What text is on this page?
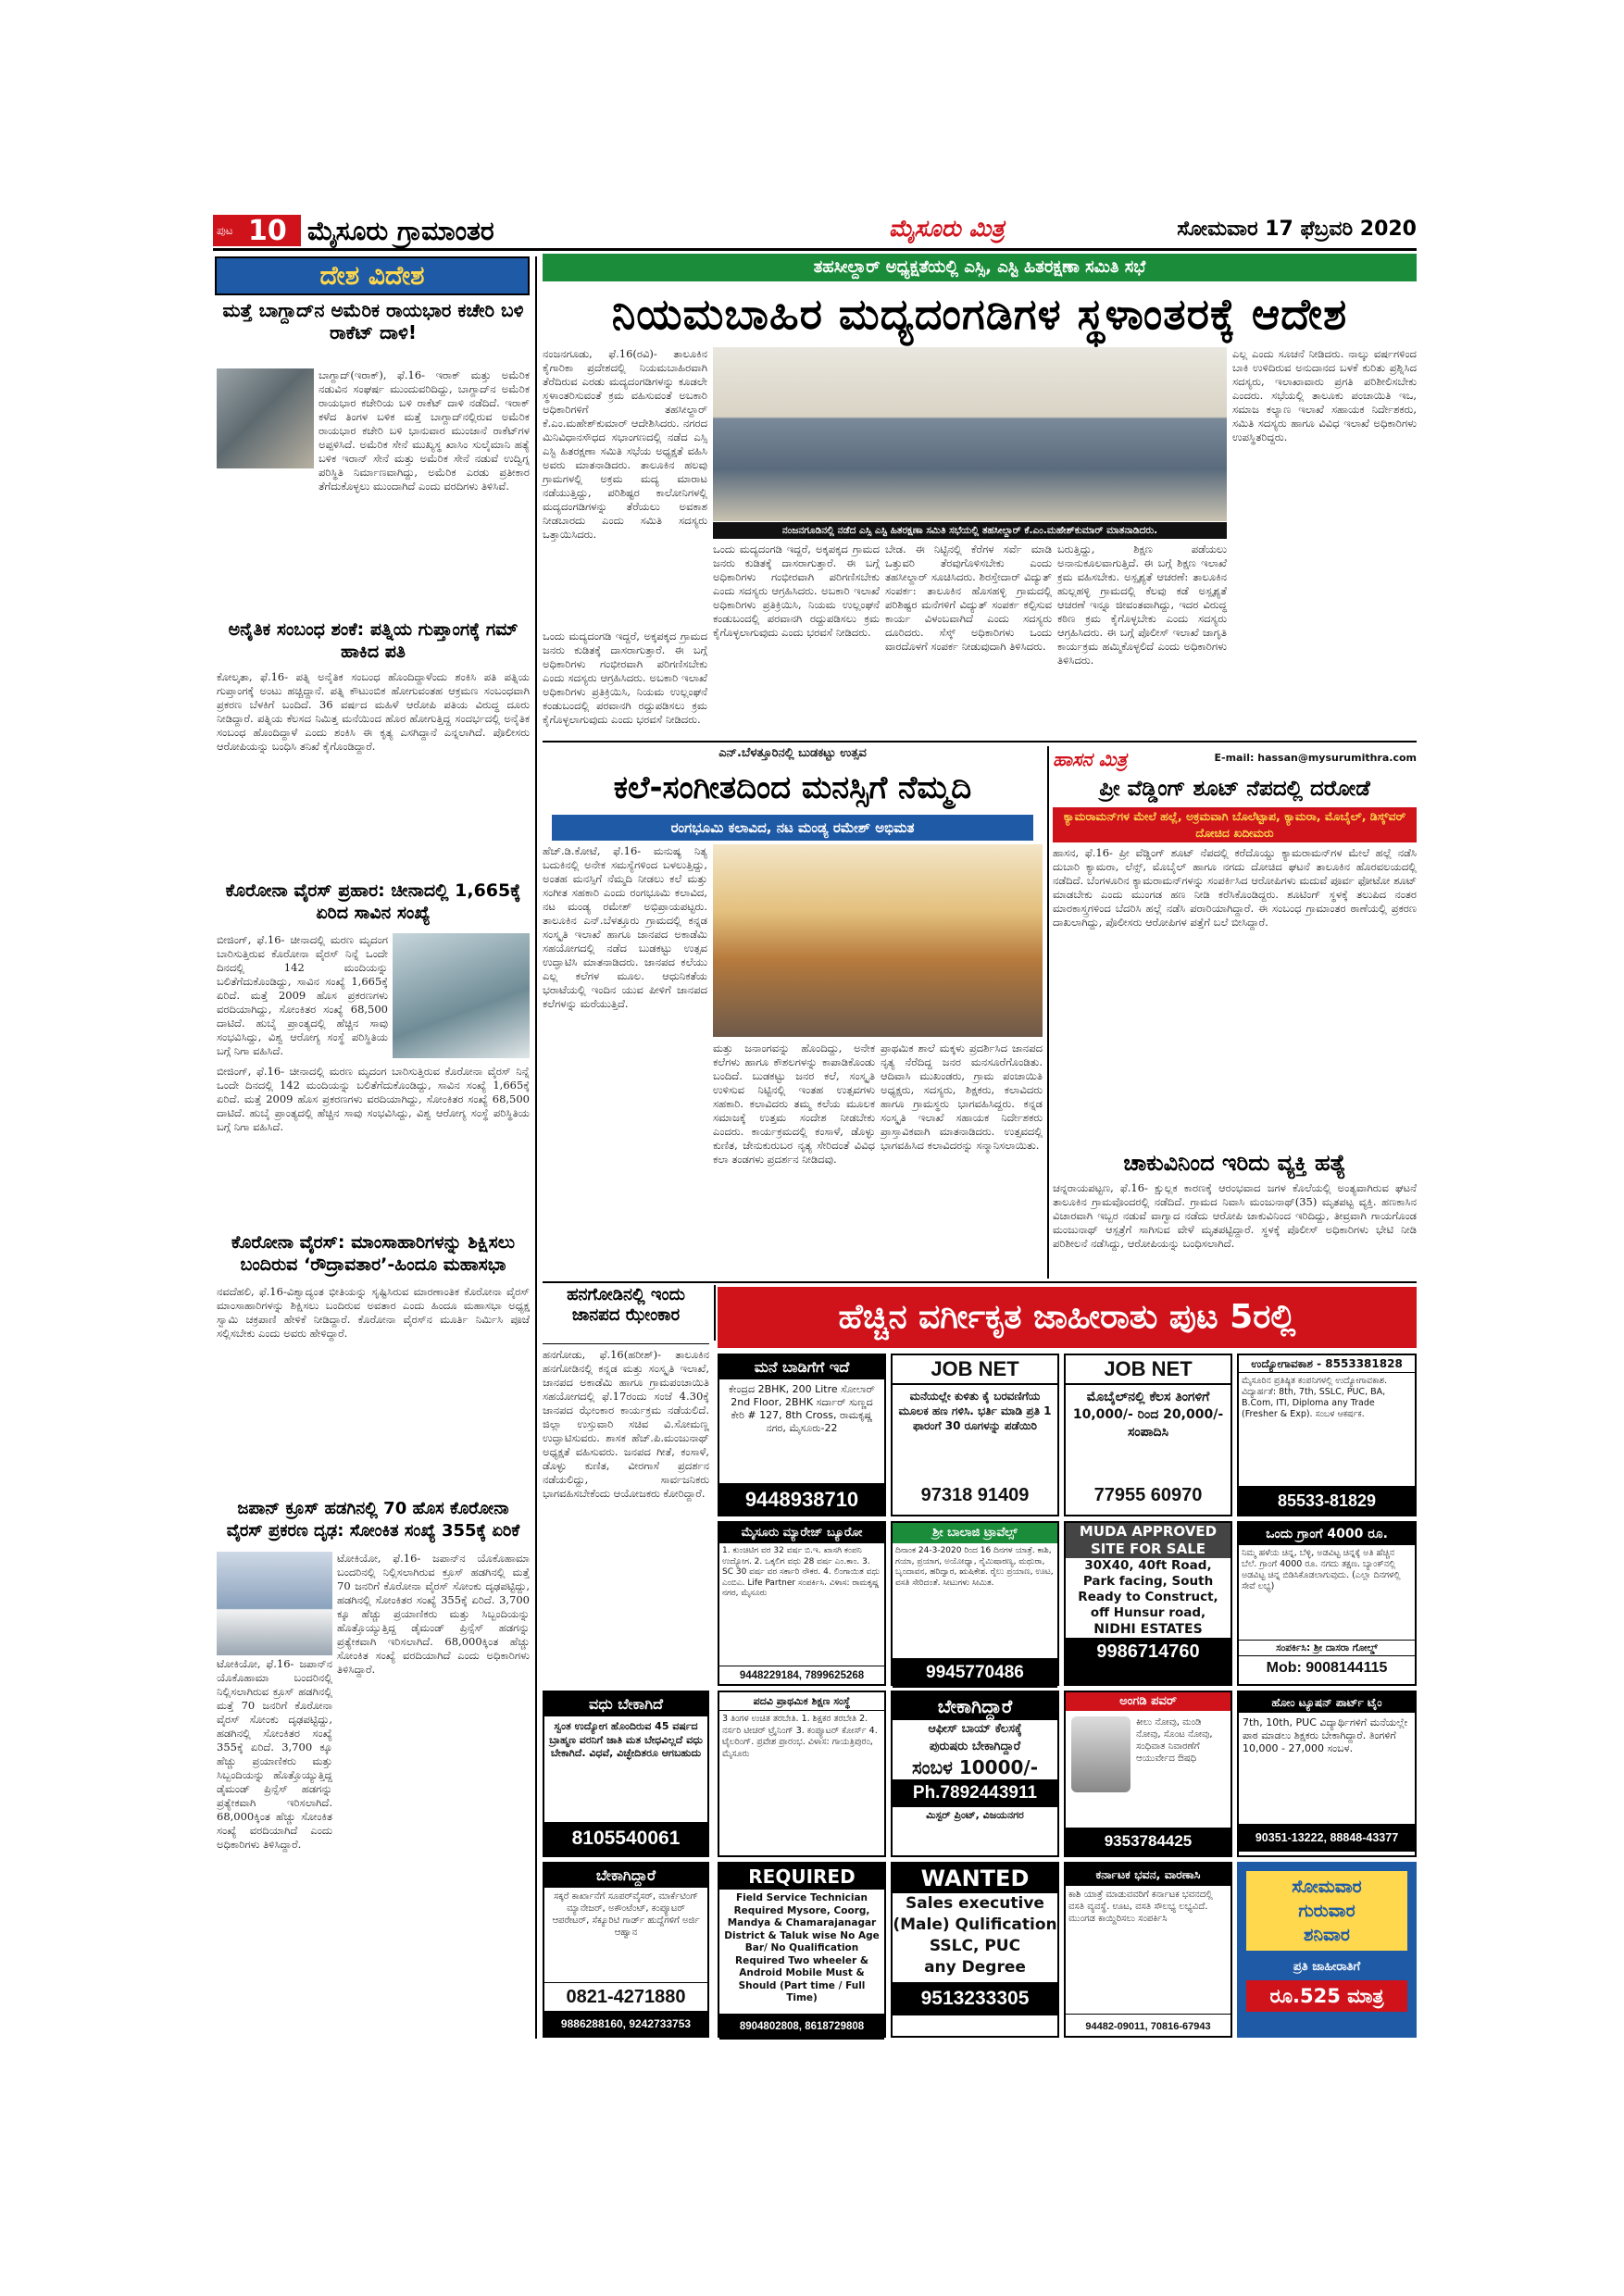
ಪುಟ 10 ಮೈಸೂರು ಗ್ರಾಮಾಂತರ	ಮೈಸೂರು ಮಿತ್ರ	ಸೋಮವಾರ 17 ಫೆಬ್ರವರಿ 2020
ದೇಶ ವಿದೇಶ
ಮತ್ತೆ ಬಾಗ್ದಾದ್‌ನ ಅಮೆರಿಕ ರಾಯಭಾರ ಕಚೇರಿ ಬಳಿ ರಾಕೆಟ್ ದಾಳಿ!
ಬಾಗ್ದಾದ್(ಇರಾಕ್), ಫೆ.16- ಇರಾಕ್ ಮತ್ತು ಅಮೆರಿಕ ನಡುವಿನ ಸಂಘರ್ಷ ಮುಂದುವರಿದಿದ್ದು, ಬಾಗ್ದಾದ್‌ನ ಅಮೆರಿಕ ರಾಯಭಾರ ಕಚೇರಿಯ ಬಳಿ ರಾಕೆಟ್ ದಾಳಿ ನಡೆದಿದೆ. ಇರಾಕ್ ಕಳೆದ ತಿಂಗಳ ಬಳಿಕ ಮತ್ತೆ ಬಾಗ್ದಾದ್‌ನಲ್ಲಿರುವ ಅಮೆರಿಕ ರಾಯಭಾರ ಕಚೇರಿ ಬಳಿ ಭಾನುವಾರ ಮುಂಜಾನೆ ರಾಕೆಟ್‌ಗಳ ಅಪ್ಪಳಿಸಿದೆ. ಅಮೆರಿಕ ಸೇನೆ ಮುಖ್ಯಸ್ಥ ಖಾಸಿಂ ಸುಲೈಮಾನಿ ಹತ್ಯೆ ಬಳಿಕ ಇರಾನ್ ಸೇನೆ ಮತ್ತು ಅಮೆರಿಕ ಸೇನೆ ನಡುವೆ ಉದ್ವಿಗ್ನ ಪರಿಸ್ಥಿತಿ ನಿರ್ಮಾಣವಾಗಿದ್ದು, ಅಮೆರಿಕ ಎರಡು ಪ್ರತೀಕಾರ ತೆಗೆದುಕೊಳ್ಳಲು ಮುಂದಾಗಿದೆ ಎಂದು ವರದಿಗಳು ತಿಳಿಸಿವೆ.
ಅನೈತಿಕ ಸಂಬಂಧ ಶಂಕೆ: ಪತ್ನಿಯ ಗುಪ್ತಾಂಗಕ್ಕೆ ಗಮ್ ಹಾಕಿದ ಪತಿ
ಕೋಲ್ಕತಾ, ಫೆ.16- ಪತ್ನಿ ಅನೈತಿಕ ಸಂಬಂಧ ಹೊಂದಿದ್ದಾಳೆಂದು ಶಂಕಿಸಿ ಪತಿ ಪತ್ನಿಯ ಗುಪ್ತಾಂಗಕ್ಕೆ ಅಂಟು ಹಚ್ಚಿದ್ದಾನೆ. ಪತ್ನಿ ಕೌಟುಂಬಿಕ ಹೋಗುವಂತಹ ಆಕ್ರಮಣ ಸಂಬಂಧವಾಗಿ ಪ್ರಕರಣ ಬೆಳಕಿಗೆ ಬಂದಿದೆ. 36 ವರ್ಷದ ಮಹಿಳೆ ಆರೋಪಿ ಪತಿಯ ವಿರುದ್ಧ ದೂರು ನೀಡಿದ್ದಾರೆ. ಪತ್ನಿಯ ಕೆಲಸದ ನಿಮಿತ್ತ ಮನೆಯಿಂದ ಹೊರ ಹೋಗುತ್ತಿದ್ದ ಸಂದರ್ಭದಲ್ಲಿ ಅನೈತಿಕ ಸಂಬಂಧ ಹೊಂದಿದ್ದಾಳೆ ಎಂದು ಶಂಕಿಸಿ ಈ ಕೃತ್ಯ ಎಸಗಿದ್ದಾನೆ ಎನ್ನಲಾಗಿದೆ. ಪೊಲೀಸರು ಆರೋಪಿಯನ್ನು ಬಂಧಿಸಿ ತನಿಖೆ ಕೈಗೊಂಡಿದ್ದಾರೆ.
ಕೊರೋನಾ ವೈರಸ್ ಪ್ರಹಾರ: ಚೀನಾದಲ್ಲಿ 1,665ಕ್ಕೆ ಏರಿದ ಸಾವಿನ ಸಂಖ್ಯೆ
ಬೀಜಿಂಗ್, ಫೆ.16- ಚೀನಾದಲ್ಲಿ ಮರಣ ಮೃದಂಗ ಬಾರಿಸುತ್ತಿರುವ ಕೊರೋನಾ ವೈರಸ್ ನಿನ್ನೆ ಒಂದೇ ದಿನದಲ್ಲಿ 142 ಮಂದಿಯನ್ನು ಬಲಿತೆಗೆದುಕೊಂಡಿದ್ದು, ಸಾವಿನ ಸಂಖ್ಯೆ 1,665ಕ್ಕೆ ಏರಿದೆ. ಮತ್ತೆ 2009 ಹೊಸ ಪ್ರಕರಣಗಳು ವರದಿಯಾಗಿದ್ದು, ಸೋಂಕಿತರ ಸಂಖ್ಯೆ 68,500 ದಾಟಿದೆ. ಹುಬೈ ಪ್ರಾಂತ್ಯದಲ್ಲಿ ಹೆಚ್ಚಿನ ಸಾವು ಸಂಭವಿಸಿದ್ದು, ವಿಶ್ವ ಆರೋಗ್ಯ ಸಂಸ್ಥೆ ಪರಿಸ್ಥಿತಿಯ ಬಗ್ಗೆ ನಿಗಾ ವಹಿಸಿದೆ.
ಬೀಜಿಂಗ್, ಫೆ.16- ಚೀನಾದಲ್ಲಿ ಮರಣ ಮೃದಂಗ ಬಾರಿಸುತ್ತಿರುವ ಕೊರೋನಾ ವೈರಸ್ ನಿನ್ನೆ ಒಂದೇ ದಿನದಲ್ಲಿ 142 ಮಂದಿಯನ್ನು ಬಲಿತೆಗೆದುಕೊಂಡಿದ್ದು, ಸಾವಿನ ಸಂಖ್ಯೆ 1,665ಕ್ಕೆ ಏರಿದೆ. ಮತ್ತೆ 2009 ಹೊಸ ಪ್ರಕರಣಗಳು ವರದಿಯಾಗಿದ್ದು, ಸೋಂಕಿತರ ಸಂಖ್ಯೆ 68,500 ದಾಟಿದೆ. ಹುಬೈ ಪ್ರಾಂತ್ಯದಲ್ಲಿ ಹೆಚ್ಚಿನ ಸಾವು ಸಂಭವಿಸಿದ್ದು, ವಿಶ್ವ ಆರೋಗ್ಯ ಸಂಸ್ಥೆ ಪರಿಸ್ಥಿತಿಯ ಬಗ್ಗೆ ನಿಗಾ ವಹಿಸಿದೆ.
ಕೊರೋನಾ ವೈರಸ್: ಮಾಂಸಾಹಾರಿಗಳನ್ನು ಶಿಕ್ಷಿಸಲು ಬಂದಿರುವ ‘ರೌದ್ರಾವತಾರ’-ಹಿಂದೂ ಮಹಾಸಭಾ
ನವದೆಹಲಿ, ಫೆ.16-ವಿಶ್ವಾದ್ಯಂತ ಭೀತಿಯನ್ನು ಸೃಷ್ಟಿಸಿರುವ ಮಾರಣಾಂತಿಕ ಕೊರೋನಾ ವೈರಸ್ ಮಾಂಸಾಹಾರಿಗಳನ್ನು ಶಿಕ್ಷಿಸಲು ಬಂದಿರುವ ಅವತಾರ ಎಂದು ಹಿಂದೂ ಮಹಾಸಭಾ ಅಧ್ಯಕ್ಷ ಸ್ವಾಮಿ ಚಕ್ರಪಾಣಿ ಹೇಳಿಕೆ ನೀಡಿದ್ದಾರೆ. ಕೊರೋನಾ ವೈರಸ್‌ನ ಮೂರ್ತಿ ನಿರ್ಮಿಸಿ ಪೂಜೆ ಸಲ್ಲಿಸಬೇಕು ಎಂದು ಅವರು ಹೇಳಿದ್ದಾರೆ.
ಜಪಾನ್ ಕ್ರೂಸ್ ಹಡಗಿನಲ್ಲಿ 70 ಹೊಸ ಕೊರೋನಾ ವೈರಸ್ ಪ್ರಕರಣ ದೃಢ: ಸೋಂಕಿತ ಸಂಖ್ಯೆ 355ಕ್ಕೆ ಏರಿಕೆ
ಟೋಕಿಯೋ, ಫೆ.16- ಜಪಾನ್‌ನ ಯೊಕೊಹಾಮಾ ಬಂದರಿನಲ್ಲಿ ನಿಲ್ಲಿಸಲಾಗಿರುವ ಕ್ರೂಸ್ ಹಡಗಿನಲ್ಲಿ ಮತ್ತೆ 70 ಜನರಿಗೆ ಕೊರೋನಾ ವೈರಸ್ ಸೋಂಕು ದೃಢಪಟ್ಟಿದ್ದು, ಹಡಗಿನಲ್ಲಿ ಸೋಂಕಿತರ ಸಂಖ್ಯೆ 355ಕ್ಕೆ ಏರಿದೆ. 3,700 ಕ್ಕೂ ಹೆಚ್ಚು ಪ್ರಯಾಣಿಕರು ಮತ್ತು ಸಿಬ್ಬಂದಿಯನ್ನು ಹೊತ್ತೊಯ್ಯುತ್ತಿದ್ದ ಡೈಮಂಡ್ ಪ್ರಿನ್ಸೆಸ್ ಹಡಗನ್ನು ಪ್ರತ್ಯೇಕವಾಗಿ ಇರಿಸಲಾಗಿದೆ. 68,000ಕ್ಕಿಂತ ಹೆಚ್ಚು ಸೋಂಕಿತ ಸಂಖ್ಯೆ ವರದಿಯಾಗಿದೆ ಎಂದು ಅಧಿಕಾರಿಗಳು ತಿಳಿಸಿದ್ದಾರೆ.
ಟೋಕಿಯೋ, ಫೆ.16- ಜಪಾನ್‌ನ ಯೊಕೊಹಾಮಾ ಬಂದರಿನಲ್ಲಿ ನಿಲ್ಲಿಸಲಾಗಿರುವ ಕ್ರೂಸ್ ಹಡಗಿನಲ್ಲಿ ಮತ್ತೆ 70 ಜನರಿಗೆ ಕೊರೋನಾ ವೈರಸ್ ಸೋಂಕು ದೃಢಪಟ್ಟಿದ್ದು, ಹಡಗಿನಲ್ಲಿ ಸೋಂಕಿತರ ಸಂಖ್ಯೆ 355ಕ್ಕೆ ಏರಿದೆ. 3,700 ಕ್ಕೂ ಹೆಚ್ಚು ಪ್ರಯಾಣಿಕರು ಮತ್ತು ಸಿಬ್ಬಂದಿಯನ್ನು ಹೊತ್ತೊಯ್ಯುತ್ತಿದ್ದ ಡೈಮಂಡ್ ಪ್ರಿನ್ಸೆಸ್ ಹಡಗನ್ನು ಪ್ರತ್ಯೇಕವಾಗಿ ಇರಿಸಲಾಗಿದೆ. 68,000ಕ್ಕಿಂತ ಹೆಚ್ಚು ಸೋಂಕಿತ ಸಂಖ್ಯೆ ವರದಿಯಾಗಿದೆ ಎಂದು ಅಧಿಕಾರಿಗಳು ತಿಳಿಸಿದ್ದಾರೆ.
ತಹಸೀಲ್ದಾರ್ ಅಧ್ಯಕ್ಷತೆಯಲ್ಲಿ ಎಸ್ಸಿ, ಎಸ್ಟಿ ಹಿತರಕ್ಷಣಾ ಸಮಿತಿ ಸಭೆ
ನಿಯಮಬಾಹಿರ ಮದ್ಯದಂಗಡಿಗಳ ಸ್ಥಳಾಂತರಕ್ಕೆ ಆದೇಶ
ನಂಜನಗೂಡು, ಫೆ.16(ರವಿ)- ತಾಲೂಕಿನ ಕೈಗಾರಿಕಾ ಪ್ರದೇಶದಲ್ಲಿ ನಿಯಮಬಾಹಿರವಾಗಿ ತೆರೆದಿರುವ ಎರಡು ಮದ್ಯದಂಗಡಿಗಳನ್ನು ಕೂಡಲೇ ಸ್ಥಳಾಂತರಿಸುವಂತೆ ಕ್ರಮ ವಹಿಸುವಂತೆ ಅಬಕಾರಿ ಅಧಿಕಾರಿಗಳಿಗೆ ತಹಸೀಲ್ದಾರ್ ಕೆ.ಎಂ.ಮಹೇಶ್‌ಕುಮಾರ್ ಆದೇಶಿಸಿದರು. ನಗರದ ಮಿನಿವಿಧಾನಸೌಧದ ಸಭಾಂಗಣದಲ್ಲಿ ನಡೆದ ಎಸ್ಸಿ ಎಸ್ಟಿ ಹಿತರಕ್ಷಣಾ ಸಮಿತಿ ಸಭೆಯ ಅಧ್ಯಕ್ಷತೆ ವಹಿಸಿ ಅವರು ಮಾತನಾಡಿದರು. ತಾಲೂಕಿನ ಹಲವು ಗ್ರಾಮಗಳಲ್ಲಿ ಅಕ್ರಮ ಮದ್ಯ ಮಾರಾಟ ನಡೆಯುತ್ತಿದ್ದು, ಪರಿಶಿಷ್ಟರ ಕಾಲೋನಿಗಳಲ್ಲಿ ಮದ್ಯದಂಗಡಿಗಳನ್ನು ತೆರೆಯಲು ಅವಕಾಶ ನೀಡಬಾರದು ಎಂದು ಸಮಿತಿ ಸದಸ್ಯರು ಒತ್ತಾಯಿಸಿದರು.	ನಂಜನಗೂಡಿನಲ್ಲಿ ನಡೆದ ಎಸ್ಸಿ ಎಸ್ಟಿ ಹಿತರಕ್ಷಣಾ ಸಮಿತಿ ಸಭೆಯಲ್ಲಿ ತಹಸೀಲ್ದಾರ್ ಕೆ.ಎಂ.ಮಹೇಶ್‌ಕುಮಾರ್ ಮಾತನಾಡಿದರು.
ಎಲ್ಲ ಎಂದು ಸೂಚನೆ ನೀಡಿದರು. ನಾಲ್ಕು ವರ್ಷಗಳಿಂದ ಬಾಕಿ ಉಳಿದಿರುವ ಅನುದಾನದ ಬಳಕೆ ಕುರಿತು ಪ್ರಶ್ನಿಸಿದ ಸದಸ್ಯರು, ಇಲಾಖಾವಾರು ಪ್ರಗತಿ ಪರಿಶೀಲಿಸಬೇಕು ಎಂದರು. ಸಭೆಯಲ್ಲಿ ತಾಲೂಕು ಪಂಚಾಯಿತಿ ಇಒ, ಸಮಾಜ ಕಲ್ಯಾಣ ಇಲಾಖೆ ಸಹಾಯಕ ನಿರ್ದೇಶಕರು, ಸಮಿತಿ ಸದಸ್ಯರು ಹಾಗೂ ವಿವಿಧ ಇಲಾಖೆ ಅಧಿಕಾರಿಗಳು ಉಪಸ್ಥಿತರಿದ್ದರು.
ಒಂದು ಮದ್ಯದಂಗಡಿ ಇದ್ದರೆ, ಅಕ್ಕಪಕ್ಕದ ಗ್ರಾಮದ ಜನರು ಕುಡಿತಕ್ಕೆ ದಾಸರಾಗುತ್ತಾರೆ. ಈ ಬಗ್ಗೆ ಅಧಿಕಾರಿಗಳು ಗಂಭೀರವಾಗಿ ಪರಿಗಣಿಸಬೇಕು ಎಂದು ಸದಸ್ಯರು ಆಗ್ರಹಿಸಿದರು. ಅಬಕಾರಿ ಇಲಾಖೆ ಅಧಿಕಾರಿಗಳು ಪ್ರತಿಕ್ರಿಯಿಸಿ, ನಿಯಮ ಉಲ್ಲಂಘನೆ ಕಂಡುಬಂದಲ್ಲಿ ಪರವಾನಗಿ ರದ್ದುಪಡಿಸಲು ಕ್ರಮ ಕೈಗೊಳ್ಳಲಾಗುವುದು ಎಂದು ಭರವಸೆ ನೀಡಿದರು.
ಒಂದು ಮದ್ಯದಂಗಡಿ ಇದ್ದರೆ, ಅಕ್ಕಪಕ್ಕದ ಗ್ರಾಮದ ಜನರು ಕುಡಿತಕ್ಕೆ ದಾಸರಾಗುತ್ತಾರೆ. ಈ ಬಗ್ಗೆ ಅಧಿಕಾರಿಗಳು ಗಂಭೀರವಾಗಿ ಪರಿಗಣಿಸಬೇಕು ಎಂದು ಸದಸ್ಯರು ಆಗ್ರಹಿಸಿದರು. ಅಬಕಾರಿ ಇಲಾಖೆ ಅಧಿಕಾರಿಗಳು ಪ್ರತಿಕ್ರಿಯಿಸಿ, ನಿಯಮ ಉಲ್ಲಂಘನೆ ಕಂಡುಬಂದಲ್ಲಿ ಪರವಾನಗಿ ರದ್ದುಪಡಿಸಲು ಕ್ರಮ ಕೈಗೊಳ್ಳಲಾಗುವುದು ಎಂದು ಭರವಸೆ ನೀಡಿದರು.
ಬೇಡ. ಈ ನಿಟ್ಟಿನಲ್ಲಿ ಕೆರೆಗಳ ಸರ್ವೆ ಮಾಡಿ ಒತ್ತುವರಿ ತೆರವುಗೊಳಿಸಬೇಕು ಎಂದು ತಹಸೀಲ್ದಾರ್ ಸೂಚಿಸಿದರು. ಶಿರಸ್ತೇದಾರ್ ವಿದ್ಯುತ್ ಸಂಪರ್ಕ: ತಾಲೂಕಿನ ಹೊಸಹಳ್ಳಿ ಗ್ರಾಮದಲ್ಲಿ ಪರಿಶಿಷ್ಟರ ಮನೆಗಳಿಗೆ ವಿದ್ಯುತ್ ಸಂಪರ್ಕ ಕಲ್ಪಿಸುವ ಕಾರ್ಯ ವಿಳಂಬವಾಗಿದೆ ಎಂದು ಸದಸ್ಯರು ದೂರಿದರು. ಸೆಸ್ಕ್ ಅಧಿಕಾರಿಗಳು ಒಂದು ವಾರದೊಳಗೆ ಸಂಪರ್ಕ ನೀಡುವುದಾಗಿ ತಿಳಿಸಿದರು.
ಬರುತ್ತಿದ್ದು, ಶಿಕ್ಷಣ ಪಡೆಯಲು ಅನಾನುಕೂಲವಾಗುತ್ತಿದೆ. ಈ ಬಗ್ಗೆ ಶಿಕ್ಷಣ ಇಲಾಖೆ ಕ್ರಮ ವಹಿಸಬೇಕು. ಅಸ್ಪೃಶ್ಯತೆ ಆಚರಣೆ: ತಾಲೂಕಿನ ಹುಲ್ಲಹಳ್ಳಿ ಗ್ರಾಮದಲ್ಲಿ ಕೆಲವು ಕಡೆ ಅಸ್ಪೃಶ್ಯತೆ ಆಚರಣೆ ಇನ್ನೂ ಜೀವಂತವಾಗಿದ್ದು, ಇದರ ವಿರುದ್ಧ ಕಠಿಣ ಕ್ರಮ ಕೈಗೊಳ್ಳಬೇಕು ಎಂದು ಸದಸ್ಯರು ಆಗ್ರಹಿಸಿದರು. ಈ ಬಗ್ಗೆ ಪೊಲೀಸ್ ಇಲಾಖೆ ಜಾಗೃತಿ ಕಾರ್ಯಕ್ರಮ ಹಮ್ಮಿಕೊಳ್ಳಲಿದೆ ಎಂದು ಅಧಿಕಾರಿಗಳು ತಿಳಿಸಿದರು.
ಎನ್‌.ಬೆಳತ್ತೂರಿನಲ್ಲಿ ಬುಡಕಟ್ಟು ಉತ್ಸವ
ಕಲೆ-ಸಂಗೀತದಿಂದ ಮನಸ್ಸಿಗೆ ನೆಮ್ಮದಿ
ರಂಗಭೂಮಿ ಕಲಾವಿದ, ನಟ ಮಂಡ್ಯ ರಮೇಶ್ ಅಭಿಮತ
ಹೆಚ್.ಡಿ.ಕೋಟೆ, ಫೆ.16- ಮನುಷ್ಯ ನಿತ್ಯ ಬದುಕಿನಲ್ಲಿ ಅನೇಕ ಸಮಸ್ಯೆಗಳಿಂದ ಬಳಲುತ್ತಿದ್ದು, ಅಂತಹ ಮನಸ್ಸಿಗೆ ನೆಮ್ಮದಿ ನೀಡಲು ಕಲೆ ಮತ್ತು ಸಂಗೀತ ಸಹಕಾರಿ ಎಂದು ರಂಗಭೂಮಿ ಕಲಾವಿದ, ನಟ ಮಂಡ್ಯ ರಮೇಶ್ ಅಭಿಪ್ರಾಯಪಟ್ಟರು. ತಾಲೂಕಿನ ಎನ್.ಬೆಳತ್ತೂರು ಗ್ರಾಮದಲ್ಲಿ ಕನ್ನಡ ಸಂಸ್ಕೃತಿ ಇಲಾಖೆ ಹಾಗೂ ಜಾನಪದ ಅಕಾಡೆಮಿ ಸಹಯೋಗದಲ್ಲಿ ನಡೆದ ಬುಡಕಟ್ಟು ಉತ್ಸವ ಉದ್ಘಾಟಿಸಿ ಮಾತನಾಡಿದರು. ಜಾನಪದ ಕಲೆಯು ಎಲ್ಲ ಕಲೆಗಳ ಮೂಲ. ಆಧುನಿಕತೆಯ ಭರಾಟೆಯಲ್ಲಿ ಇಂದಿನ ಯುವ ಪೀಳಿಗೆ ಜಾನಪದ ಕಲೆಗಳನ್ನು ಮರೆಯುತ್ತಿದೆ.
ಮತ್ತು ಜನಾಂಗವನ್ನು ಹೊಂದಿದ್ದು, ಅನೇಕ ಕಲೆಗಳು ಹಾಗೂ ಕೌಶಲಗಳನ್ನು ಕಾಪಾಡಿಕೊಂಡು ಬಂದಿದೆ. ಬುಡಕಟ್ಟು ಜನರ ಕಲೆ, ಸಂಸ್ಕೃತಿ ಉಳಿಸುವ ನಿಟ್ಟಿನಲ್ಲಿ ಇಂತಹ ಉತ್ಸವಗಳು ಸಹಕಾರಿ. ಕಲಾವಿದರು ತಮ್ಮ ಕಲೆಯ ಮೂಲಕ ಸಮಾಜಕ್ಕೆ ಉತ್ತಮ ಸಂದೇಶ ನೀಡಬೇಕು ಎಂದರು. ಕಾರ್ಯಕ್ರಮದಲ್ಲಿ ಕಂಸಾಳೆ, ಡೊಳ್ಳು ಕುಣಿತ, ಜೇನುಕುರುಬರ ನೃತ್ಯ ಸೇರಿದಂತೆ ವಿವಿಧ ಕಲಾ ತಂಡಗಳು ಪ್ರದರ್ಶನ ನೀಡಿದವು.
ಪ್ರಾಥಮಿಕ ಶಾಲೆ ಮಕ್ಕಳು ಪ್ರದರ್ಶಿಸಿದ ಜಾನಪದ ನೃತ್ಯ ನೆರೆದಿದ್ದ ಜನರ ಮನಸೂರೆಗೊಂಡಿತು. ಆದಿವಾಸಿ ಮುಖಂಡರು, ಗ್ರಾಮ ಪಂಚಾಯಿತಿ ಅಧ್ಯಕ್ಷರು, ಸದಸ್ಯರು, ಶಿಕ್ಷಕರು, ಕಲಾವಿದರು ಹಾಗೂ ಗ್ರಾಮಸ್ಥರು ಭಾಗವಹಿಸಿದ್ದರು. ಕನ್ನಡ ಸಂಸ್ಕೃತಿ ಇಲಾಖೆ ಸಹಾಯಕ ನಿರ್ದೇಶಕರು ಪ್ರಾಸ್ತಾವಿಕವಾಗಿ ಮಾತನಾಡಿದರು. ಉತ್ಸವದಲ್ಲಿ ಭಾಗವಹಿಸಿದ ಕಲಾವಿದರನ್ನು ಸನ್ಮಾನಿಸಲಾಯಿತು.
ಹಾಸನ ಮಿತ್ರ	E-mail: hassan@mysurumithra.com
ಪ್ರೀ ವೆಡ್ಡಿಂಗ್ ಶೂಟ್ ನೆಪದಲ್ಲಿ ದರೋಡೆ
ಕ್ಯಾಮರಾಮನ್‌ಗಳ ಮೇಲೆ ಹಲ್ಲೆ, ಅಕ್ರಮವಾಗಿ ಬೊಲೆಟ್ಟಾಪ, ಕ್ಯಾಮರಾ, ಮೊಬೈಲ್, ಡಿಸ್ಕ್‌ವರ್ ದೋಚಿದ ಖದೀಮರು
ಹಾಸನ, ಫೆ.16- ಪ್ರೀ ವೆಡ್ಡಿಂಗ್ ಶೂಟ್ ನೆಪದಲ್ಲಿ ಕರೆದೊಯ್ದು ಕ್ಯಾಮರಾಮನ್‌ಗಳ ಮೇಲೆ ಹಲ್ಲೆ ನಡೆಸಿ ದುಬಾರಿ ಕ್ಯಾಮರಾ, ಲೆನ್ಸ್, ಮೊಬೈಲ್ ಹಾಗೂ ನಗದು ದೋಚಿದ ಘಟನೆ ತಾಲೂಕಿನ ಹೊರವಲಯದಲ್ಲಿ ನಡೆದಿದೆ. ಬೆಂಗಳೂರಿನ ಕ್ಯಾಮರಾಮನ್‌ಗಳನ್ನು ಸಂಪರ್ಕಿಸಿದ ಆರೋಪಿಗಳು ಮದುವೆ ಪೂರ್ವ ಫೋಟೋ ಶೂಟ್ ಮಾಡಬೇಕು ಎಂದು ಮುಂಗಡ ಹಣ ನೀಡಿ ಕರೆಸಿಕೊಂಡಿದ್ದರು. ಶೂಟಿಂಗ್ ಸ್ಥಳಕ್ಕೆ ತಲುಪಿದ ನಂತರ ಮಾರಕಾಸ್ತ್ರಗಳಿಂದ ಬೆದರಿಸಿ ಹಲ್ಲೆ ನಡೆಸಿ ಪರಾರಿಯಾಗಿದ್ದಾರೆ. ಈ ಸಂಬಂಧ ಗ್ರಾಮಾಂತರ ಠಾಣೆಯಲ್ಲಿ ಪ್ರಕರಣ ದಾಖಲಾಗಿದ್ದು, ಪೊಲೀಸರು ಆರೋಪಿಗಳ ಪತ್ತೆಗೆ ಬಲೆ ಬೀಸಿದ್ದಾರೆ.
ಚಾಕುವಿನಿಂದ ಇರಿದು ವ್ಯಕ್ತಿ ಹತ್ಯೆ
ಚನ್ನರಾಯಪಟ್ಟಣ, ಫೆ.16- ಕ್ಷುಲ್ಲಕ ಕಾರಣಕ್ಕೆ ಆರಂಭವಾದ ಜಗಳ ಕೊಲೆಯಲ್ಲಿ ಅಂತ್ಯವಾಗಿರುವ ಘಟನೆ ತಾಲೂಕಿನ ಗ್ರಾಮವೊಂದರಲ್ಲಿ ನಡೆದಿದೆ. ಗ್ರಾಮದ ನಿವಾಸಿ ಮಂಜುನಾಥ್(35) ಮೃತಪಟ್ಟ ವ್ಯಕ್ತಿ. ಹಣಕಾಸಿನ ವಿಚಾರವಾಗಿ ಇಬ್ಬರ ನಡುವೆ ವಾಗ್ವಾದ ನಡೆದು ಆರೋಪಿ ಚಾಕುವಿನಿಂದ ಇರಿದಿದ್ದು, ತೀವ್ರವಾಗಿ ಗಾಯಗೊಂಡ ಮಂಜುನಾಥ್ ಆಸ್ಪತ್ರೆಗೆ ಸಾಗಿಸುವ ವೇಳೆ ಮೃತಪಟ್ಟಿದ್ದಾರೆ. ಸ್ಥಳಕ್ಕೆ ಪೊಲೀಸ್ ಅಧಿಕಾರಿಗಳು ಭೇಟಿ ನೀಡಿ ಪರಿಶೀಲನೆ ನಡೆಸಿದ್ದು, ಆರೋಪಿಯನ್ನು ಬಂಧಿಸಲಾಗಿದೆ.
ಹನಗೋಡಿನಲ್ಲಿ ಇಂದು ಜಾನಪದ ಝೇಂಕಾರ
ಹನಗೋಡು, ಫೆ.16(ಹರೀಶ್)- ತಾಲೂಕಿನ ಹನಗೋಡಿನಲ್ಲಿ ಕನ್ನಡ ಮತ್ತು ಸಂಸ್ಕೃತಿ ಇಲಾಖೆ, ಜಾನಪದ ಅಕಾಡೆಮಿ ಹಾಗೂ ಗ್ರಾಮಪಂಚಾಯಿತಿ ಸಹಯೋಗದಲ್ಲಿ ಫೆ.17ರಂದು ಸಂಜೆ 4.30ಕ್ಕೆ ಜಾನಪದ ಝೇಂಕಾರ ಕಾರ್ಯಕ್ರಮ ನಡೆಯಲಿದೆ. ಜಿಲ್ಲಾ ಉಸ್ತುವಾರಿ ಸಚಿವ ವಿ.ಸೋಮಣ್ಣ ಉದ್ಘಾಟಿಸುವರು. ಶಾಸಕ ಹೆಚ್.ಪಿ.ಮಂಜುನಾಥ್ ಅಧ್ಯಕ್ಷತೆ ವಹಿಸುವರು. ಜನಪದ ಗೀತೆ, ಕಂಸಾಳೆ, ಡೊಳ್ಳು ಕುಣಿತ, ವೀರಗಾಸೆ ಪ್ರದರ್ಶನ ನಡೆಯಲಿದ್ದು, ಸಾರ್ವಜನಿಕರು ಭಾಗವಹಿಸಬೇಕೆಂದು ಆಯೋಜಕರು ಕೋರಿದ್ದಾರೆ.
ಹೆಚ್ಚಿನ ವರ್ಗೀಕೃತ ಜಾಹೀರಾತು ಪುಟ 5ರಲ್ಲಿ
ಮನೆ ಬಾಡಿಗೆಗೆ ಇದೆ
ಕೇಂದ್ರದ 2BHK, 200 Litre ಸೋಲಾರ್ 2nd Floor, 2BHK ಸರ್ದಾರ್ ಸುಣ್ಣದ ಕೇರಿ # 127, 8th Cross, ರಾಮಕೃಷ್ಣ ನಗರ, ಮೈಸೂರು-22
9448938710
JOB NET
ಮನೆಯಲ್ಲೇ ಕುಳಿತು ಕೈ ಬರವಣಿಗೆಯ ಮೂಲಕ ಹಣ ಗಳಿಸಿ. ಭರ್ತಿ ಮಾಡಿ ಪ್ರತಿ 1 ಫಾರಂಗೆ 30 ರೂಗಳನ್ನು ಪಡೆಯಿರಿ
97318 91409
JOB NET
ಮೊಬೈಲ್‌ನಲ್ಲಿ ಕೆಲಸ ತಿಂಗಳಿಗೆ 10,000/- ರಿಂದ 20,000/- ಸಂಪಾದಿಸಿ
77955 60970
ಉದ್ಯೋಗಾವಕಾಶ - 8553381828
ಮೈಸೂರಿನ ಪ್ರತಿಷ್ಠಿತ ಕಂಪನಿಗಳಲ್ಲಿ ಉದ್ಯೋಗಾವಕಾಶ. ವಿದ್ಯಾರ್ಹತೆ: 8th, 7th, SSLC, PUC, BA, B.Com, ITI, Diploma any Trade (Fresher & Exp). ಸಂಬಳ ಆಕರ್ಷಕ.
85533-81829
ಮೈಸೂರು ಮ್ಯಾರೇಜ್ ಬ್ಯೂರೋ
1. ಕುಂಚಿಟಿಗ ವರ 32 ವರ್ಷ ಬಿ.ಇ. ಖಾಸಗಿ ಕಂಪನಿ ಉದ್ಯೋಗ. 2. ಒಕ್ಕಲಿಗ ವಧು 28 ವರ್ಷ ಎಂ.ಕಾಂ. 3. SC 30 ವರ್ಷ ವರ ಸರ್ಕಾರಿ ನೌಕರ. 4. ಲಿಂಗಾಯಿತ ವಧು ಎಂಬಿಎ. Life Partner ಸಂಪರ್ಕಿಸಿ. ವಿಳಾಸ: ರಾಮಕೃಷ್ಣ ನಗರ, ಮೈಸೂರು
9448229184, 7899625268
ಶ್ರೀ ಬಾಲಾಜಿ ಟ್ರಾವೆಲ್ಸ್
ದಿನಾಂಕ 24-3-2020 ರಿಂದ 16 ದಿನಗಳ ಯಾತ್ರೆ. ಕಾಶಿ, ಗಯಾ, ಪ್ರಯಾಗ, ಅಯೋಧ್ಯಾ, ನೈಮಿಷಾರಣ್ಯ, ಮಥುರಾ, ಬೃಂದಾವನ, ಹರಿದ್ವಾರ, ಋಷಿಕೇಶ. ರೈಲು ಪ್ರಯಾಣ, ಊಟ, ವಸತಿ ಸೇರಿದಂತೆ. ಸೀಟುಗಳು ಸೀಮಿತ.
9945770486
MUDA APPROVED
SITE FOR SALE
30X40, 40ft Road,
Park facing, South
Ready to Construct,
off Hunsur road,
NIDHI ESTATES
9986714760
ಒಂದು ಗ್ರಾಂಗೆ 4000 ರೂ.
ನಿಮ್ಮ ಹಳೆಯ ಚಿನ್ನ, ಬೆಳ್ಳಿ, ಅಡವಿಟ್ಟ ಚಿನ್ನಕ್ಕೆ ಅತಿ ಹೆಚ್ಚಿನ ಬೆಲೆ. ಗ್ರಾಂಗೆ 4000 ರೂ. ನಗದು ತಕ್ಷಣ. ಬ್ಯಾಂಕ್‌ನಲ್ಲಿ ಅಡವಿಟ್ಟ ಚಿನ್ನ ಬಿಡಿಸಿಕೊಡಲಾಗುವುದು. (ಎಲ್ಲಾ ದಿನಗಳಲ್ಲಿ ಸೇವೆ ಲಭ್ಯ)
ಸಂಪರ್ಕಿಸಿ: ಶ್ರೀ ದಾಸರಾ ಗೋಲ್ಡ್
Mob: 9008144115
ವಧು ಬೇಕಾಗಿದೆ
ಸ್ವಂತ ಉದ್ಯೋಗ ಹೊಂದಿರುವ 45 ವರ್ಷದ ಬ್ರಾಹ್ಮಣ ವರನಿಗೆ ಜಾತಿ ಮತ ಬೇಧವಿಲ್ಲದೆ ವಧು ಬೇಕಾಗಿದೆ. ವಿಧವೆ, ವಿಚ್ಛೇದಿತರೂ ಆಗಬಹುದು
8105540061
ಪದವಿ ಪ್ರಾಥಮಿಕ ಶಿಕ್ಷಣ ಸಂಸ್ಥೆ
3 ತಿಂಗಳ ಉಚಿತ ತರಬೇತಿ. 1. ಶಿಕ್ಷಕರ ತರಬೇತಿ 2. ನರ್ಸರಿ ಟೀಚರ್ ಟ್ರೈನಿಂಗ್ 3. ಕಂಪ್ಯೂಟರ್ ಕೋರ್ಸ್ 4. ಟೈಲರಿಂಗ್. ಪ್ರವೇಶ ಪ್ರಾರಂಭ. ವಿಳಾಸ: ಗಾಯತ್ರಿಪುರಂ, ಮೈಸೂರು
ಬೇಕಾಗಿದ್ದಾರೆ
ಆಫೀಸ್ ಬಾಯ್ ಕೆಲಸಕ್ಕೆ
ಪುರುಷರು ಬೇಕಾಗಿದ್ದಾರೆ
ಸಂಬಳ 10000/-
Ph.7892443911
ಮಿಸ್ಟರ್ ಪ್ರಿಂಟ್, ವಿಜಯನಗರ
ಅಂಗಡಿ ಪವರ್
ಕೀಲು ನೋವು, ಮಂಡಿ ನೋವು, ಸೊಂಟ ನೋವು, ಸಂಧಿವಾತ ನಿವಾರಣೆಗೆ ಆಯುರ್ವೇದ ಔಷಧಿ
9353784425
ಹೋಂ ಟ್ಯೂಷನ್ ಪಾರ್ಟ್ ಟೈಂ
7th, 10th, PUC ವಿದ್ಯಾರ್ಥಿಗಳಿಗೆ ಮನೆಯಲ್ಲೇ ಪಾಠ ಮಾಡಲು ಶಿಕ್ಷಕರು ಬೇಕಾಗಿದ್ದಾರೆ. ತಿಂಗಳಿಗೆ 10,000 - 27,000 ಸಂಬಳ.
90351-13222, 88848-43377
ಬೇಕಾಗಿದ್ದಾರೆ
ಸಕ್ಕರೆ ಕಾರ್ಖಾನೆಗೆ ಸೂಪರ್‌ವೈಸರ್, ಮಾರ್ಕೆಟಿಂಗ್ ಮ್ಯಾನೇಜರ್, ಅಕೌಂಟೆಂಟ್, ಕಂಪ್ಯೂಟರ್ ಆಪರೇಟರ್, ಸೆಕ್ಯೂರಿಟಿ ಗಾರ್ಡ್ ಹುದ್ದೆಗಳಿಗೆ ಅರ್ಜಿ ಆಹ್ವಾನ
0821-4271880
9886288160, 9242733753
REQUIRED
Field Service Technician Required Mysore, Coorg, Mandya & Chamarajanagar District & Taluk wise No Age Bar/ No Qualification Required Two wheeler & Android Mobile Must & Should (Part time / Full Time)
8904802808, 8618729808
WANTED
Sales executive
(Male) Qulification
SSLC, PUC
any Degree
9513233305
ಕರ್ನಾಟಕ ಭವನ, ವಾರಣಾಸಿ
ಕಾಶಿ ಯಾತ್ರೆ ಮಾಡುವವರಿಗೆ ಕರ್ನಾಟಕ ಭವನದಲ್ಲಿ ವಸತಿ ವ್ಯವಸ್ಥೆ. ಊಟ, ವಸತಿ ಸೌಲಭ್ಯ ಲಭ್ಯವಿದೆ. ಮುಂಗಡ ಕಾಯ್ದಿರಿಸಲು ಸಂಪರ್ಕಿಸಿ
94482-09011, 70816-67943
ಸೋಮವಾರ
ಗುರುವಾರ
ಶನಿವಾರ
ಪ್ರತಿ ಜಾಹೀರಾತಿಗೆ
ರೂ.525 ಮಾತ್ರ
